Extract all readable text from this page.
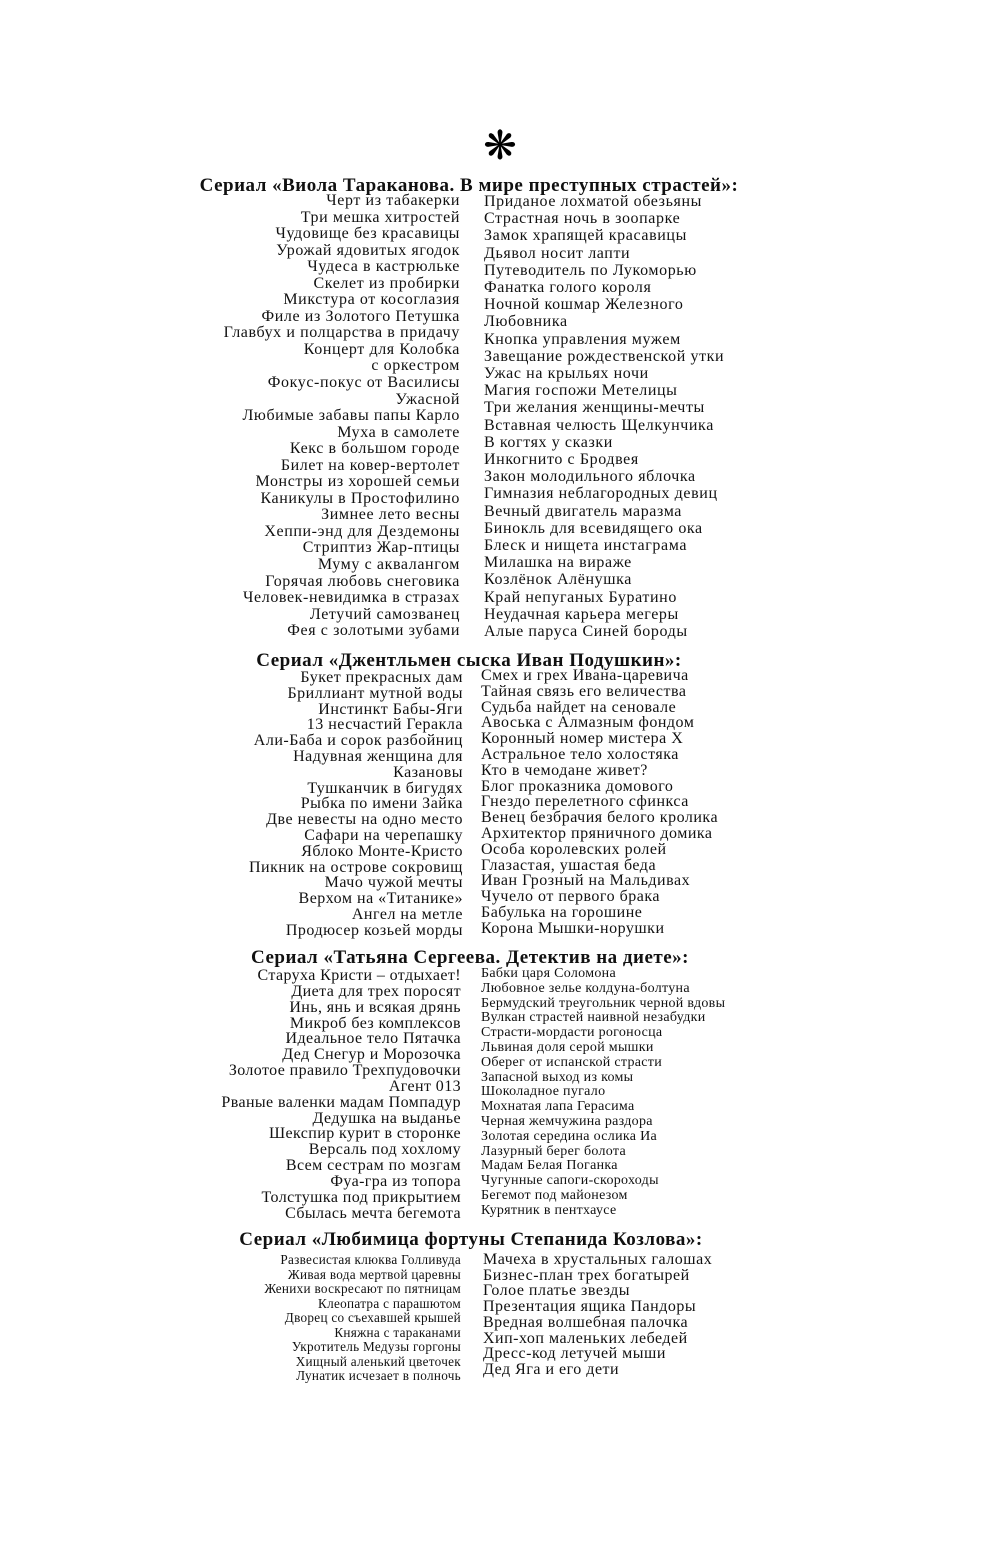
❋
Сериал «Виола Тараканова. В мире преступных страстей»:
Черт из табакерки
Три мешка хитростей
Чудовище без красавицы
Урожай ядовитых ягодок
Чудеса в кастрюльке
Скелет из пробирки
Микстура от косоглазия
Филе из Золотого Петушка
Главбух и полцарства в придачу
Концерт для Колобка
с оркестром
Фокус-покус от Василисы
Ужасной
Любимые забавы папы Карло
Муха в самолете
Кекс в большом городе
Билет на ковер-вертолет
Монстры из хорошей семьи
Каникулы в Простофилино
Зимнее лето весны
Хеппи-энд для Дездемоны
Стриптиз Жар-птицы
Муму с аквалангом
Горячая любовь снеговика
Человек-невидимка в стразах
Летучий самозванец
Фея с золотыми зубами
Приданое лохматой обезьяны
Страстная ночь в зоопарке
Замок храпящей красавицы
Дьявол носит лапти
Путеводитель по Лукоморью
Фанатка голого короля
Ночной кошмар Железного
Любовника
Кнопка управления мужем
Завещание рождественской утки
Ужас на крыльях ночи
Магия госпожи Метелицы
Три желания женщины-мечты
Вставная челюсть Щелкунчика
В когтях у сказки
Инкогнито с Бродвея
Закон молодильного яблочка
Гимназия неблагородных девиц
Вечный двигатель маразма
Бинокль для всевидящего ока
Блеск и нищета инстаграма
Милашка на вираже
Козлёнок Алёнушка
Край непуганых Буратино
Неудачная карьера мегеры
Алые паруса Синей бороды
Сериал «Джентльмен сыска Иван Подушкин»:
Букет прекрасных дам
Бриллиант мутной воды
Инстинкт Бабы-Яги
13 несчастий Геракла
Али-Баба и сорок разбойниц
Надувная женщина для
Казановы
Тушканчик в бигудях
Рыбка по имени Зайка
Две невесты на одно место
Сафари на черепашку
Яблоко Монте-Кристо
Пикник на острове сокровищ
Мачо чужой мечты
Верхом на «Титанике»
Ангел на метле
Продюсер козьей морды
Смех и грех Ивана-царевича
Тайная связь его величества
Судьба найдет на сеновале
Авоська с Алмазным фондом
Коронный номер мистера Х
Астральное тело холостяка
Кто в чемодане живет?
Блог проказника домового
Гнездо перелетного сфинкса
Венец безбрачия белого кролика
Архитектор пряничного домика
Особа королевских ролей
Глазастая, ушастая беда
Иван Грозный на Мальдивах
Чучело от первого брака
Бабулька на горошине
Корона Мышки-норушки
Сериал «Татьяна Сергеева. Детектив на диете»:
Старуха Кристи – отдыхает!
Диета для трех поросят
Инь, янь и всякая дрянь
Микроб без комплексов
Идеальное тело Пятачка
Дед Снегур и Морозочка
Золотое правило Трехпудовочки
Агент 013
Рваные валенки мадам Помпадур
Дедушка на выданье
Шекспир курит в сторонке
Версаль под хохлому
Всем сестрам по мозгам
Фуа-гра из топора
Толстушка под прикрытием
Сбылась мечта бегемота
Бабки царя Соломона
Любовное зелье колдуна-болтуна
Бермудский треугольник черной вдовы
Вулкан страстей наивной незабудки
Страсти-мордасти рогоносца
Львиная доля серой мышки
Оберег от испанской страсти
Запасной выход из комы
Шоколадное пугало
Мохнатая лапа Герасима
Черная жемчужина раздора
Золотая середина ослика Иа
Лазурный берег болота
Мадам Белая Поганка
Чугунные сапоги-скороходы
Бегемот под майонезом
Курятник в пентхаусе
Сериал «Любимица фортуны Степанида Козлова»:
Развесистая клюква Голливуда
Живая вода мертвой царевны
Женихи воскресают по пятницам
Клеопатра с парашютом
Дворец со съехавшей крышей
Княжна с тараканами
Укротитель Медузы горгоны
Хищный аленький цветочек
Лунатик исчезает в полночь
Мачеха в хрустальных галошах
Бизнес-план трех богатырей
Голое платье звезды
Презентация ящика Пандоры
Вредная волшебная палочка
Хип-хоп маленьких лебедей
Дресс-код летучей мыши
Дед Яга и его дети
